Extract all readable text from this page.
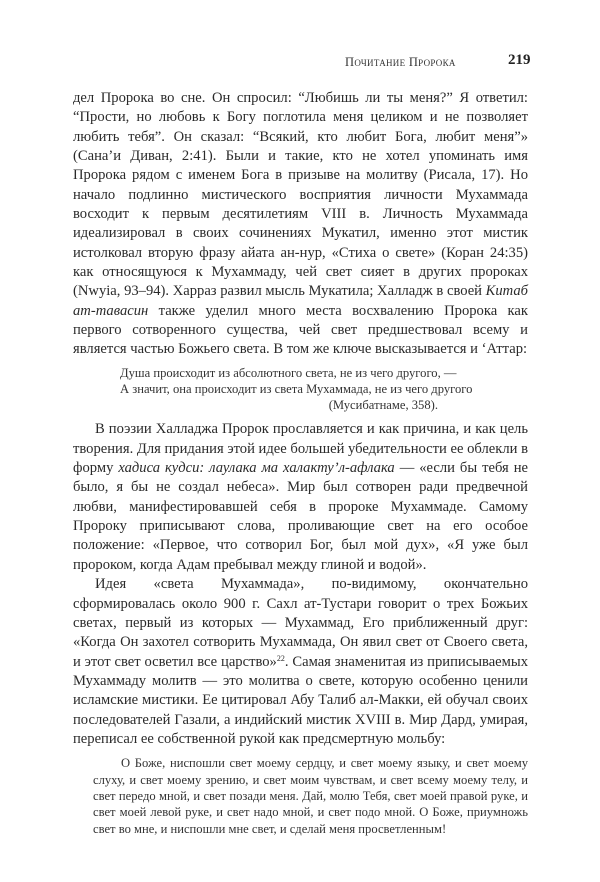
Почитание Пророка	219

дел Пророка во сне. Он спросил: “Любишь ли ты меня?” Я ответил: “Прости, но любовь к Богу поглотила меня целиком и не позволяет любить тебя”. Он сказал: “Всякий, кто любит Бога, любит меня”» (Сана’и Диван, 2:41). Были и такие, кто не хотел упоминать имя Пророка рядом с именем Бога в призыве на молитву (Рисала, 17). Но начало подлинно мистического восприятия личности Мухаммада восходит к первым десятилетиям VIII в. Личность Мухаммада идеализировал в своих сочинениях Мукатил, именно этот мистик истолковал вторую фразу айата ан-нур, «Стиха о свете» (Коран 24:35) как относящуюся к Мухаммаду, чей свет сияет в других пророках (Nwyia, 93–94). Харраз развил мысль Мукатила; Халладж в своей Китаб ат-тавасин также уделил много места восхвалению Пророка как первого сотворенного существа, чей свет предшествовал всему и является частью Божьего света. В том же ключе высказывается и ‘Аттар:

Душа происходит из абсолютного света, не из чего другого, —
А значит, она происходит из света Мухаммада, не из чего другого
(Мусибатнаме, 358).

В поэзии Халладжа Пророк прославляется и как причина, и как цель творения. Для придания этой идее большей убедительности ее облекли в форму хадиса кудси: лаулака ма халакту’л-афлака — «если бы тебя не было, я бы не создал небеса». Мир был сотворен ради предвечной любви, манифестировавшей себя в пророке Мухаммаде. Самому Пророку приписывают слова, проливающие свет на его особое положение: «Первое, что сотворил Бог, был мой дух», «Я уже был пророком, когда Адам пребывал между глиной и водой».

Идея «света Мухаммада», по-видимому, окончательно сформировалась около 900 г. Сахл ат-Тустари говорит о трех Божьих светах, первый из которых — Мухаммад, Его приближенный друг: «Когда Он захотел сотворить Мухаммада, Он явил свет от Своего света, и этот свет осветил все царство»$^{22}$. Самая знаменитая из приписываемых Мухаммаду молитв — это молитва о свете, которую особенно ценили исламские мистики. Ее цитировал Абу Талиб ал-Макки, ей обучал своих последователей Газали, а индийский мистик XVIII в. Мир Дард, умирая, переписал ее собственной рукой как предсмертную мольбу:

О Боже, ниспошли свет моему сердцу, и свет моему языку, и свет моему слуху, и свет моему зрению, и свет моим чувствам, и свет всему моему телу, и свет передо мной, и свет позади меня. Дай, молю Тебя, свет моей правой руке, и свет моей левой руке, и свет надо мной, и свет подо мной. О Боже, приумножь свет во мне, и ниспошли мне свет, и сделай меня просветленным!
